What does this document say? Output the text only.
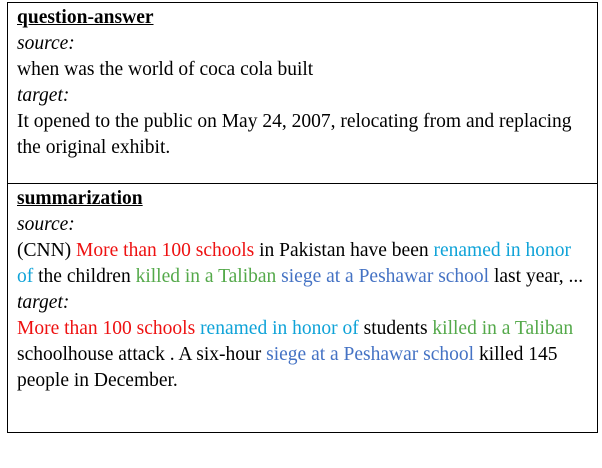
question-answer

source:

when was the world of coca cola built

target:

It opened to the public on May 24, 2007, relocating from and replacing the original exhibit.

summarization

source:

(CNN) More than 100 schools in Pakistan have been renamed in honor of the children killed in a Taliban siege at a Peshawar school last year, ...

target:

More than 100 schools renamed in honor of students killed in a Taliban schoolhouse attack . A six-hour siege at a Peshawar school killed 145 people in December.
